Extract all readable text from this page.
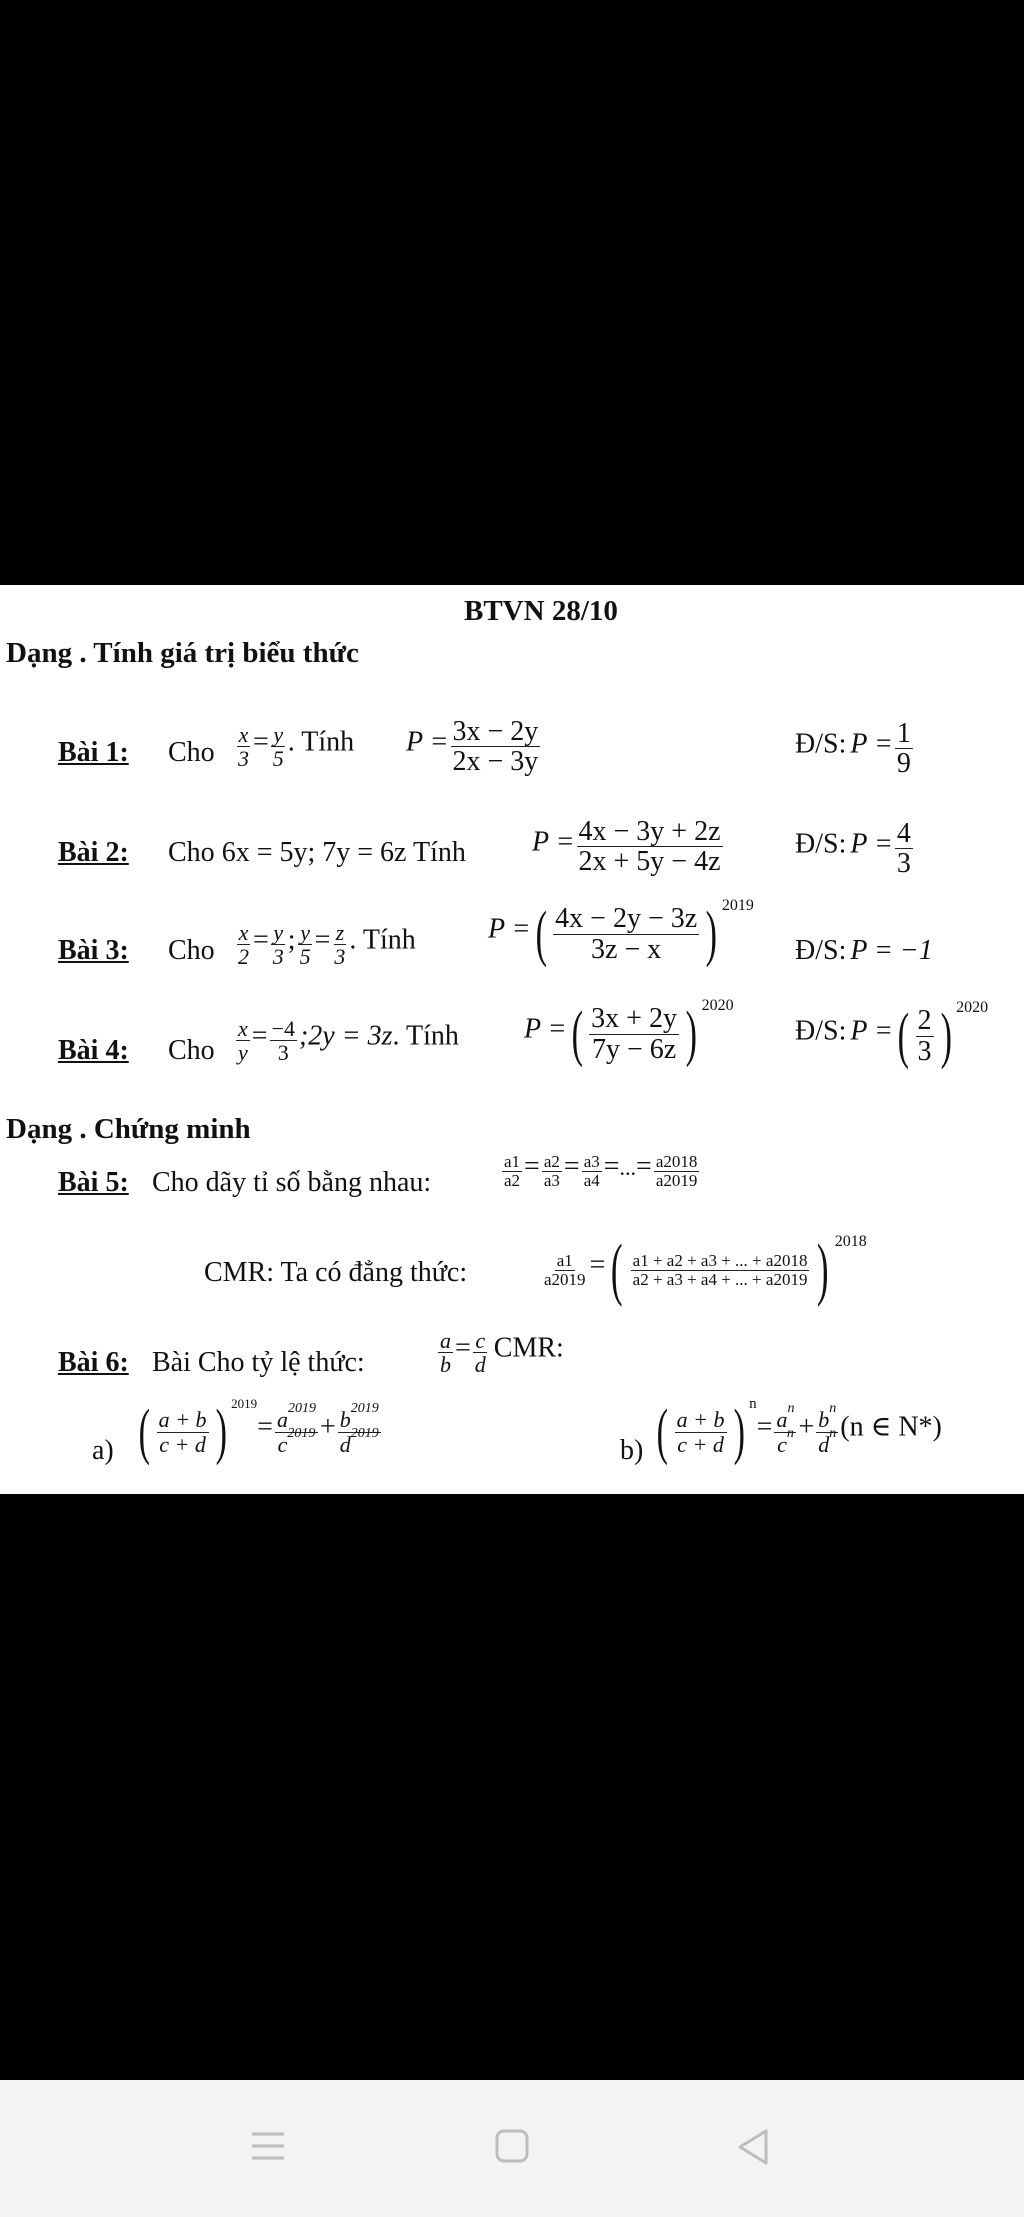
BTVN 28/10
Dạng . Tính giá trị biểu thức
Bài 1: Cho $\frac{x}{3} = \frac{y}{5}$ . Tính $P = \frac{3x - 2y}{2x - 3y}$	Đ/S: $P = \frac{1}{9}$
Bài 2: Cho 6x = 5y; 7y = 6z Tính $P = \frac{4x - 3y + 2z}{2x + 5y - 4z}$	Đ/S: $P = \frac{4}{3}$
Bài 3: Cho $\frac{x}{2} = \frac{y}{3}$ ; $\frac{y}{5} = \frac{z}{3}$ . Tính	P =( $\frac{4x - 2y - 3z}{3z - x}$ ) 2019
Đ/S: P = −1
Bài 4: Cho $\frac{x}{y} = \frac{-4}{3}$ ;2y = 3z. Tính P =( $\frac{3x + 2y}{7y - 6z}$ ) 2020
Đ/S: P =( $\frac{2}{3}$ ) 2020
Dạng . Chứng minh
Bài 5: Cho dãy tỉ số bằng nhau:	$\frac{a1}{a2} = \frac{a2}{a3} = \frac{a3}{a4}$ =...= $\frac{a2018}{a2019}$
CMR: Ta có đẳng thức:	$\frac{a1}{a2019}$ =( $\frac{a1 + a2 + a3 + ... + a2018}{a2 + a3 + a4 + ... + a2019}$ ) 2018
Bài 6: Bài Cho tỷ lệ thức:	$\frac{a}{b} = \frac{c}{d}$ CMR:
a) ( $\frac{a + b}{c + d}$ ) $^{2019}= \frac{a^{2019}}{c^{2019}} + \frac{b^{2019}}{d^{2019}}$	b) ( $\frac{a + b}{c + d}$ ) $n= \frac{a^n}{c^n} + \frac{b^n}{d^n} (n$ ∈ N*)
